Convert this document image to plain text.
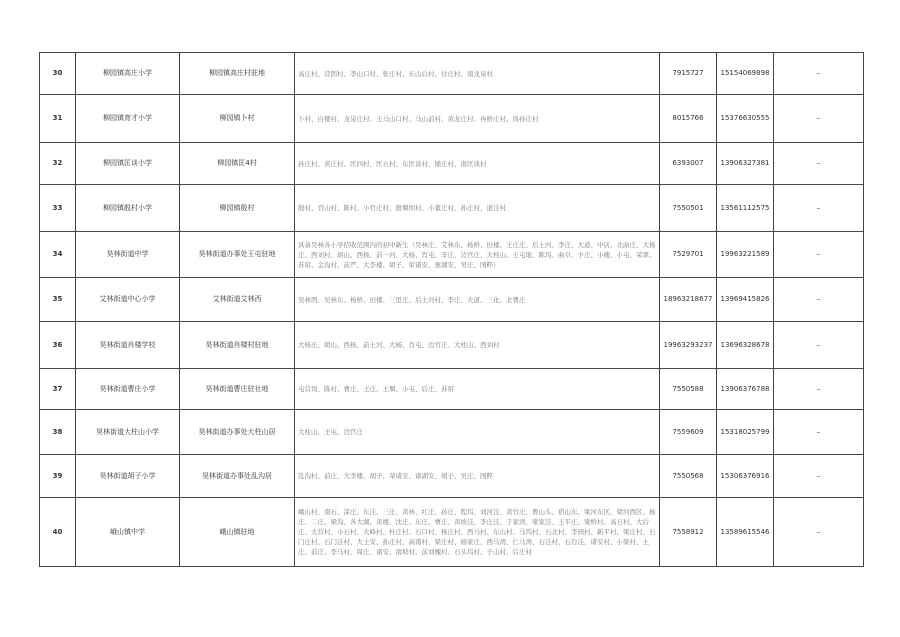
30	柳园镇高庄小学	柳园镇高庄村驻地	高庄村、营固村、李山口村、张庄村、东山后村、付庄村、南龙泉村	7915727	15154069898	–
31	柳园镇育才小学	柳园镇卜村	卜村、白楼村、龙泉庄村、王马山口村、马山前村、黄龙庄村、冉桥庄村、岗孙庄村	8015766	15376630555	–
32	柳园镇匡谈小学	柳园镇匡4村	孙庄村、黄庄村、匡四村、匡五村、东匡谈村、铺庄村、南匡谈村	6393007	13906327381	–
33	柳园镇殷村小学	柳园镇殷村	殷村、官山村、陈村、小官庄村、殷堰坝村、小董庄村、孙庄村、道洼村	7550501	13561112575	–
34	昊林街道中学	昊林街道办事处王屯驻地	具备昊林各小学招收范围内的初中新生（昊林庄、艾林东、杨桥、田楼、王庄庄、后土河、李庄、大道、中店、北曲庄、大杨庄、西刘村、胡山、西杨、前一河、大杨、肖屯、辛庄、边官庄、大柱山、王屯地、陈坞、曲阜、卞庄、小楼、小屯、荣翠、苏窑、金沟村、前严、大李楼、胡子、荣诸安、寨湖安、吴庄、国粹）	7529701	19963221589	–
35	艾林街道中心小学	艾林街道艾林西	吴林西、吴林东、杨桥、田楼、三里庄、后土河村、李庄、大道、三化、北曹庄	18963218677	13969415826	–
36	昊林街道肖楼学校	昊林街道肖楼村驻地	大杨庄、胡山、西杨、前土河、大杨、肖屯、边官庄、大柱山、西刘村	19963293237	13696328678	–
37	昊林街道曹庄小学	昊林街道曹庄驻社地	屯营岗、陈村、曹庄、王庄、王堰、小屯、后庄、苏窑	7550588	13906376788	–
38	昊林街道大柱山小学	昊林街道办事处大柱山居	大柱山、王屯、边官庄	7559609	15318025799	–
39	昊林街道胡子小学	昊林街道办事处乱沟居	乱沟村、前庄、大李楼、胡子、荣诸安、诸湖安、胡子、吴庄、国粹	7550568	15306376916	–
40	峨山镇中学	峨山镇驻地	峨山村、南石、凉庄、东洼、三庄、黄林、红庄、孙庄、程坞、刘河洼、黄竹庄、曹山头、宿山东、梁河东区、梁河西区、杨庄、二庄、梁沟、各大湖、黄楼、沈庄、东庄、曹庄、黄坡洼、李庄洼、于家湾、梁家洼、王平庄、梁桥村、高石村、大后庄、大营村、小石村、大峰村、杜庄村、石口村、杨庄村、西马村、东山村、马坞村、石北村、李园村、新平村、梁庄村、石门庄村、石门洼村、大土安、孙庄村、高南村、梁庄村、杨家庄、西马湾、仁马湾、石洼村、石台洼、诸安村、小梁村、土庄、前庄、李马村、周庄、诸安、南坡村、前刘槐村、石头坞村、子山村、后庄村	7558912	13589615546	–
